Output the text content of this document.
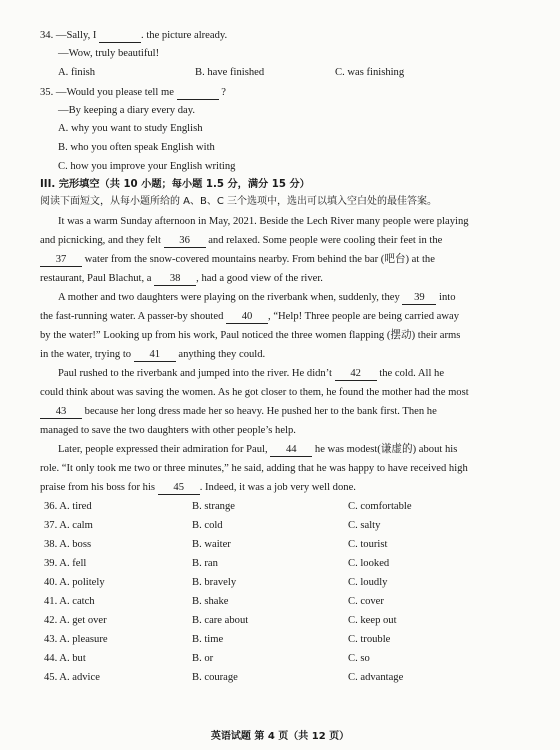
34. —Sally, I	. the picture already.
—Wow, truly beautiful!
A. finish	B. have finished	C. was finishing
35. —Would you please tell me	?
—By keeping a diary every day.
A. why you want to study English
B. who you often speak English with
C. how you improve your English writing
III. 完形填空（共 10 小题；每小题 1.5 分，满分 15 分）
阅读下面短文，从每小题所给的 A、B、C 三个选项中，选出可以填入空白处的最佳答案。
It was a warm Sunday afternoon in May, 2021. Beside the Lech River many people were playing
and picnicking, and they felt 36 and relaxed. Some people were cooling their feet in the
37 water from the snow-covered mountains nearby. From behind the bar (吧台) at the
restaurant, Paul Blachut, a 38 , had a good view of the river.
A mother and two daughters were playing on the riverbank when, suddenly, they 39 into
the fast-running water. A passer-by shouted 40 , “Help! Three people are being carried away
by the water!” Looking up from his work, Paul noticed the three women flapping (摆动) their arms
in the water, trying to 41 anything they could.
Paul rushed to the riverbank and jumped into the river. He didn’t 42 the cold. All he
could think about was saving the women. As he got closer to them, he found the mother had the most
43 because her long dress made her so heavy. He pushed her to the bank first. Then he
managed to save the two daughters with other people’s help.
Later, people expressed their admiration for Paul, 44 he was modest(谦虚的) about his
role. “It only took me two or three minutes,” he said, adding that he was happy to have received high
praise from his boss for his 45 . Indeed, it was a job very well done.
36. A. tired	B. strange	C. comfortable
37. A. calm	B. cold	C. salty
38. A. boss	B. waiter	C. tourist
39. A. fell	B. ran	C. looked
40. A. politely	B. bravely	C. loudly
41. A. catch	B. shake	C. cover
42. A. get over	B. care about	C. keep out
43. A. pleasure	B. time	C. trouble
44. A. but	B. or	C. so
45. A. advice	B. courage	C. advantage
英语试题 第 4 页（共 12 页）
